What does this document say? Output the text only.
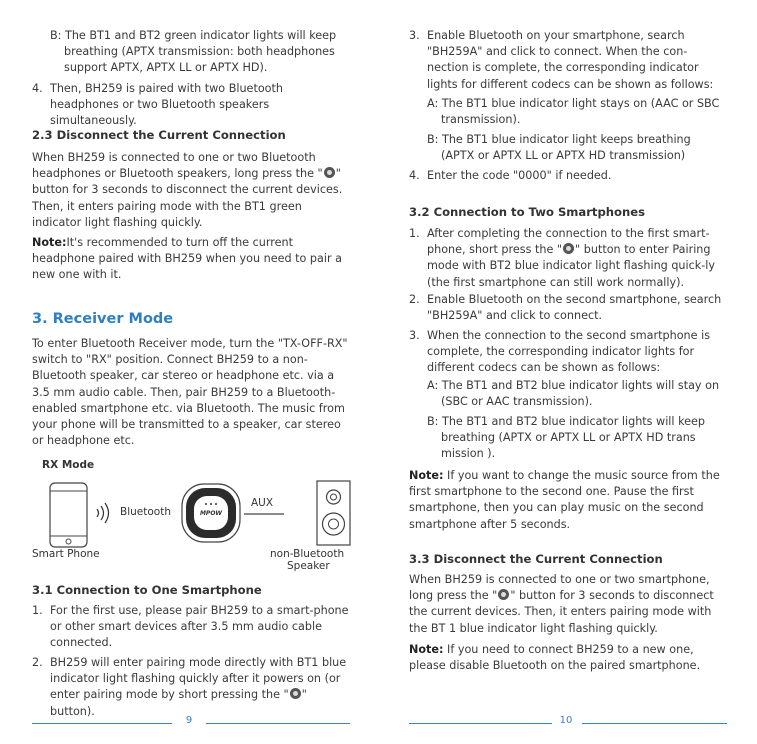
B: The BT1 and BT2 green indicator lights will keep breathing (APTX transmission: both headphones support APTX, APTX LL or APTX HD).

4. Then, BH259 is paired with two Bluetooth headphones or two Bluetooth speakers simultaneously.
2.3 Disconnect the Current Connection

When BH259 is connected to one or two Bluetooth headphones or Bluetooth speakers, long press the " " button for 3 seconds to disconnect the current devices. Then, it enters pairing mode with the BT1 green indicator light flashing quickly.

Note:It's recommended to turn off the current headphone paired with BH259 when you need to pair a new one with it.

3. Receiver Mode

To enter Bluetooth Receiver mode, turn the "TX-OFF-RX" switch to "RX" position. Connect BH259 to a non-Bluetooth speaker, car stereo or headphone etc. via a 3.5 mm audio cable. Then, pair BH259 to a Bluetooth-enabled smartphone etc. via Bluetooth. The music from your phone will be transmitted to a speaker, car stereo or headphone etc.

RX Mode
Bluetooth	MPOW
AUX
Smart Phone	non-Bluetooth
Speaker
3.1 Connection to One Smartphone
1. For the first use, please pair BH259 to a smart-phone or other smart devices after 3.5 mm audio cable connected.
2. BH259 will enter pairing mode directly with BT1 blue indicator light flashing quickly after it powers on (or enter pairing mode by short pressing the " " button).
9
3. Enable Bluetooth on your smartphone, search "BH259A" and click to connect. When the con-nection is complete, the corresponding indicator lights for different codecs can be shown as follows:

A: The BT1 blue indicator light stays on (AAC or SBC transmission).

B: The BT1 blue indicator light keeps breathing (APTX or APTX LL or APTX HD transmission)

4. Enter the code "0000" if needed.
3.2 Connection to Two Smartphones
1. After completing the connection to the first smart-phone, short press the " " button to enter Pairing mode with BT2 blue indicator light flashing quick-ly (the first smartphone can still work normally).
2. Enable Bluetooth on the second smartphone, search "BH259A" and click to connect.
3. When the connection to the second smartphone is complete, the corresponding indicator lights for different codecs can be shown as follows:

A: The BT1 and BT2 blue indicator lights will stay on (SBC or AAC transmission).

B: The BT1 and BT2 blue indicator lights will keep breathing (APTX or APTX LL or APTX HD trans mission ).

Note: If you want to change the music source from the first smartphone to the second one. Pause the first smartphone, then you can play music on the second smartphone after 5 seconds.

3.3 Disconnect the Current Connection

When BH259 is connected to one or two smartphone, long press the " " button for 3 seconds to disconnect the current devices. Then, it enters pairing mode with the BT 1 blue indicator light flashing quickly.

Note: If you need to connect BH259 to a new one, please disable Bluetooth on the paired smartphone.

10
